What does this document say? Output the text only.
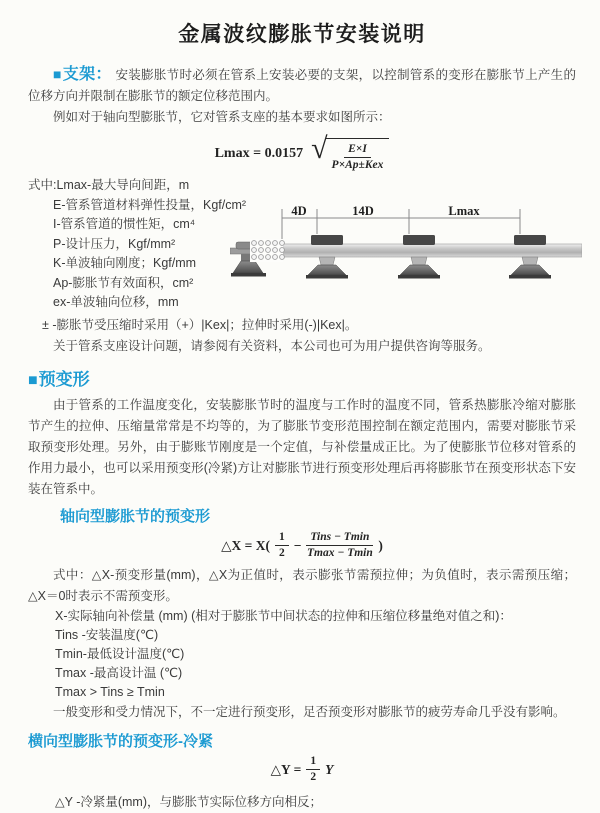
金属波纹膨胀节安装说明

■支架： 安装膨胀节时必须在管系上安装必要的支架，以控制管系的变形在膨胀节上产生的位移方向并限制在膨胀节的额定位移范围内。

例如对于轴向型膨胀节，它对管系支座的基本要求如图所示：

Lmax = 0.0157 √ $\frac{E\times I}{\text{P×Ap±Kex}}$
式中:Lmax-最大导向间距，m
E-管系管道材料弹性投量，Kgf/cm²
I-管系管道的惯性矩，cm⁴
P-设计压力，Kgf/mm²
K-单波轴向刚度；Kgf/mm
Ap-膨胀节有效面积，cm²
ex-单波轴向位移，mm
4D	14D	Lmax

± -膨胀节受压缩时采用（+）|Kex|；拉伸时采用(-)|Kex|。

关于管系支座设计问题，请参阅有关资料，本公司也可为用户提供咨询等服务。

■预变形

由于管系的工作温度变化，安装膨胀节时的温度与工作时的温度不同，管系热膨胀冷缩对膨胀节产生的拉伸、压缩量常常是不均等的，为了膨胀节变形范围控制在额定范围内，需要对膨胀节采取预变形处理。另外，由于膨账节刚度是一个定值，与补偿量成正比。为了使膨胀节位移对管系的作用力最小，也可以采用预变形(冷紧)方让对膨胀节进行预变形处理后再将膨胀节在预变形状态下安装在管系中。

轴向型膨胀节的预变形
△X = $X( \frac{1}{2} - \frac{\text{Tins − Tmin}}{Tmax - Tmin}$ )

式中：△X-预变形量(mm)，△X为正值时，表示膨张节需预拉伸；为负值时，表示需预压缩；△X＝0时表示不需预变形。

X-实际轴向补偿量 (mm) (相对于膨胀节中间状态的拉伸和压缩位移量绝对值之和)：
Tins -安装温度(℃)
Tmin-最低设计温度(℃)
Tmax -最高设计温 (℃)
Tmax > Tins ≥ Tmin

一般变形和受力情况下，不一定进行预变形，足否预变形对膨胀节的疲劳寿命几乎没有影响。

横向型膨胀节的预变形-冷紧
△Y = $\frac{1}{2}$ Y

△Y -冷紧量(mm)，与膨胀节实际位移方向相反；
